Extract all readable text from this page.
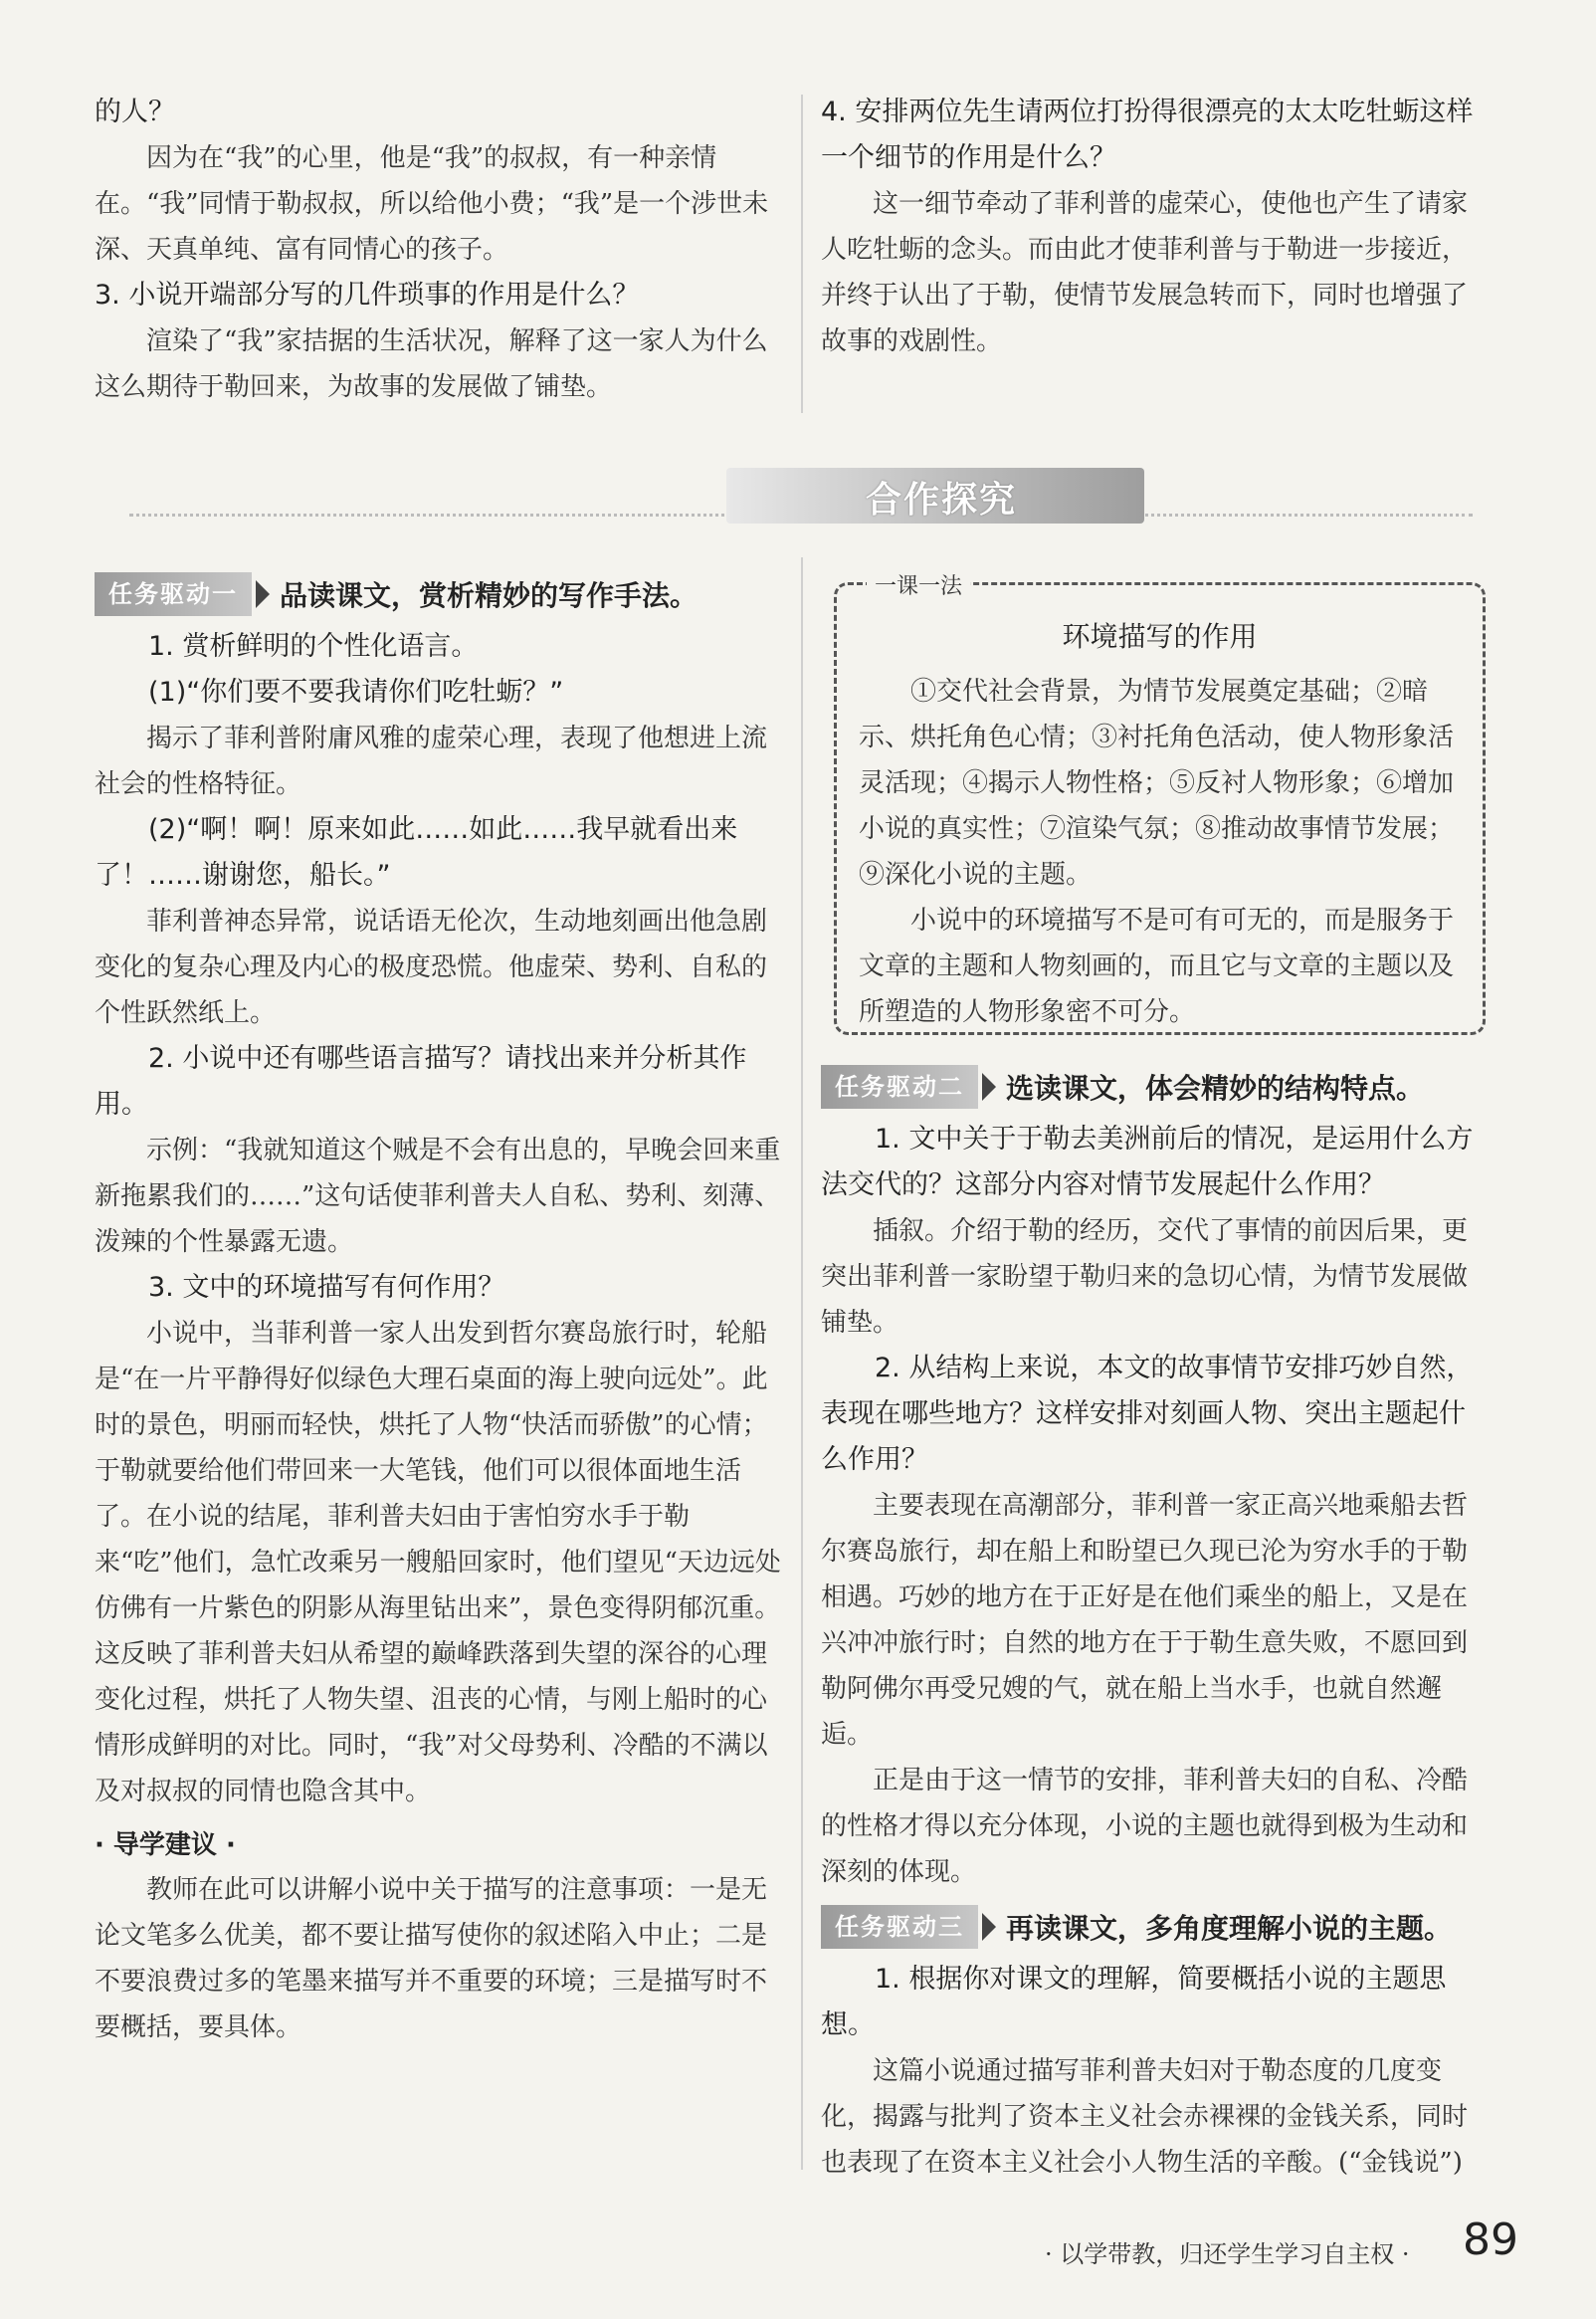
的人？

因为在“我”的心里，他是“我”的叔叔，有一种亲情在。“我”同情于勒叔叔，所以给他小费；“我”是一个涉世未深、天真单纯、富有同情心的孩子。

3. 小说开端部分写的几件琐事的作用是什么？

渲染了“我”家拮据的生活状况，解释了这一家人为什么这么期待于勒回来，为故事的发展做了铺垫。

4. 安排两位先生请两位打扮得很漂亮的太太吃牡蛎这样一个细节的作用是什么？

这一细节牵动了菲利普的虚荣心，使他也产生了请家人吃牡蛎的念头。而由此才使菲利普与于勒进一步接近，并终于认出了于勒，使情节发展急转而下，同时也增强了故事的戏剧性。

合作探究
任务驱动一	品读课文，赏析精妙的写作手法。

1. 赏析鲜明的个性化语言。

(1)“你们要不要我请你们吃牡蛎？”

揭示了菲利普附庸风雅的虚荣心理，表现了他想进上流社会的性格特征。

(2)“啊！啊！原来如此……如此……我早就看出来了！……谢谢您，船长。”

菲利普神态异常，说话语无伦次，生动地刻画出他急剧变化的复杂心理及内心的极度恐慌。他虚荣、势利、自私的个性跃然纸上。

2. 小说中还有哪些语言描写？请找出来并分析其作用。

示例：“我就知道这个贼是不会有出息的，早晚会回来重新拖累我们的……”这句话使菲利普夫人自私、势利、刻薄、泼辣的个性暴露无遗。

3. 文中的环境描写有何作用？

小说中，当菲利普一家人出发到哲尔赛岛旅行时，轮船是“在一片平静得好似绿色大理石桌面的海上驶向远处”。此时的景色，明丽而轻快，烘托了人物“快活而骄傲”的心情；于勒就要给他们带回来一大笔钱，他们可以很体面地生活了。在小说的结尾，菲利普夫妇由于害怕穷水手于勒来“吃”他们，急忙改乘另一艘船回家时，他们望见“天边远处仿佛有一片紫色的阴影从海里钻出来”，景色变得阴郁沉重。这反映了菲利普夫妇从希望的巅峰跌落到失望的深谷的心理变化过程，烘托了人物失望、沮丧的心情，与刚上船时的心情形成鲜明的对比。同时，“我”对父母势利、冷酷的不满以及对叔叔的同情也隐含其中。

· 导学建议 ·

教师在此可以讲解小说中关于描写的注意事项：一是无论文笔多么优美，都不要让描写使你的叙述陷入中止；二是不要浪费过多的笔墨来描写并不重要的环境；三是描写时不要概括，要具体。

一课一法
环境描写的作用

①交代社会背景，为情节发展奠定基础；②暗示、烘托角色心情；③衬托角色活动，使人物形象活灵活现；④揭示人物性格；⑤反衬人物形象；⑥增加小说的真实性；⑦渲染气氛；⑧推动故事情节发展；⑨深化小说的主题。

小说中的环境描写不是可有可无的，而是服务于文章的主题和人物刻画的，而且它与文章的主题以及所塑造的人物形象密不可分。

任务驱动二	选读课文，体会精妙的结构特点。

1. 文中关于于勒去美洲前后的情况，是运用什么方法交代的？这部分内容对情节发展起什么作用？

插叙。介绍于勒的经历，交代了事情的前因后果，更突出菲利普一家盼望于勒归来的急切心情，为情节发展做铺垫。

2. 从结构上来说，本文的故事情节安排巧妙自然，表现在哪些地方？这样安排对刻画人物、突出主题起什么作用？

主要表现在高潮部分，菲利普一家正高兴地乘船去哲尔赛岛旅行，却在船上和盼望已久现已沦为穷水手的于勒相遇。巧妙的地方在于正好是在他们乘坐的船上，又是在兴冲冲旅行时；自然的地方在于于勒生意失败，不愿回到勒阿佛尔再受兄嫂的气，就在船上当水手，也就自然邂逅。

正是由于这一情节的安排，菲利普夫妇的自私、冷酷的性格才得以充分体现，小说的主题也就得到极为生动和深刻的体现。

任务驱动三	再读课文，多角度理解小说的主题。

1. 根据你对课文的理解，简要概括小说的主题思想。

这篇小说通过描写菲利普夫妇对于勒态度的几度变化，揭露与批判了资本主义社会赤裸裸的金钱关系，同时也表现了在资本主义社会小人物生活的辛酸。(“金钱说”)

· 以学带教，归还学生学习自主权 · 89
